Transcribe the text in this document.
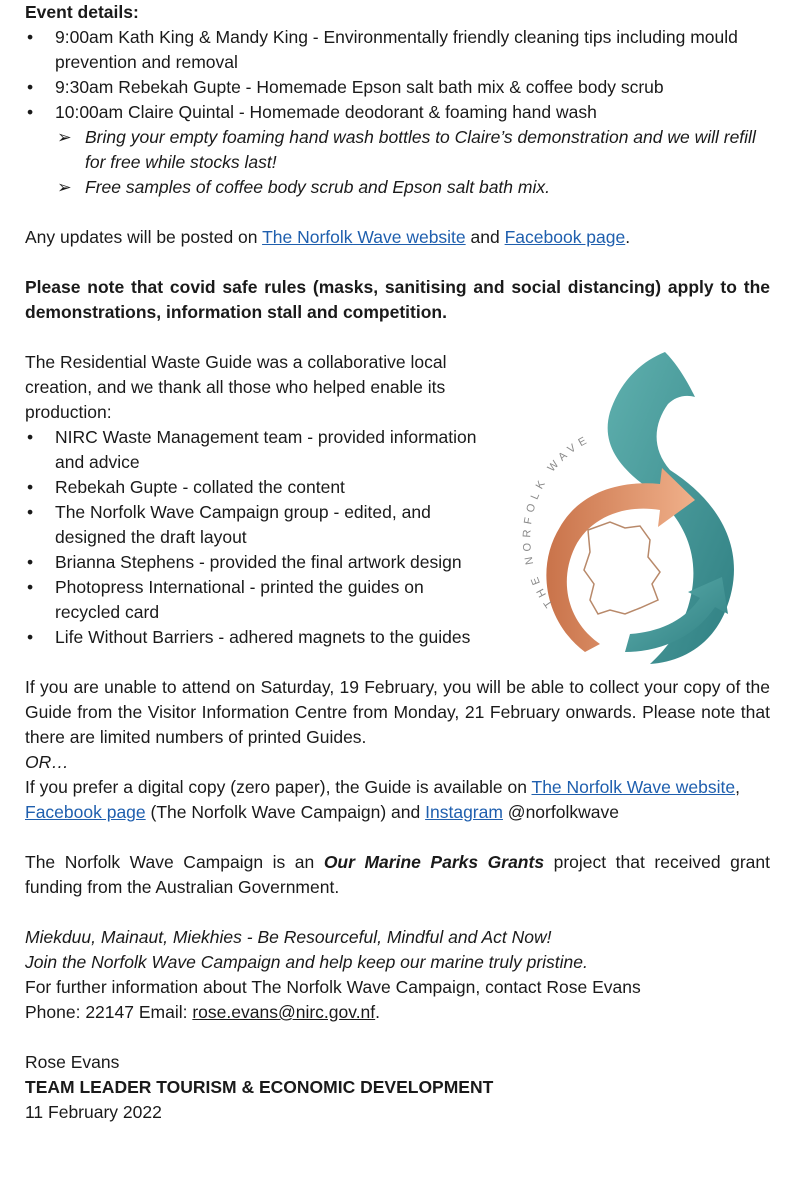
Event details:

• 9:00am Kath King & Mandy King - Environmentally friendly cleaning tips including mould prevention and removal
• 9:30am Rebekah Gupte - Homemade Epson salt bath mix & coffee body scrub
• 10:00am Claire Quintal - Homemade deodorant & foaming hand wash
➢ Bring your empty foaming hand wash bottles to Claire’s demonstration and we will refill for free while stocks last!
➢ Free samples of coffee body scrub and Epson salt bath mix.

Any updates will be posted on The Norfolk Wave website and Facebook page.

Please note that covid safe rules (masks, sanitising and social distancing) apply to the demonstrations, information stall and competition.

The Residential Waste Guide was a collaborative local creation, and we thank all those who helped enable its production:

• NIRC Waste Management team - provided information and advice
• Rebekah Gupte - collated the content
• The Norfolk Wave Campaign group - edited, and designed the draft layout
• Brianna Stephens - provided the final artwork design
• Photopress International - printed the guides on recycled card
• Life Without Barriers - adhered magnets to the guides
THE NORFOLK WAVE

If you are unable to attend on Saturday, 19 February, you will be able to collect your copy of the Guide from the Visitor Information Centre from Monday, 21 February onwards. Please note that there are limited numbers of printed Guides.

OR…

If you prefer a digital copy (zero paper), the Guide is available on The Norfolk Wave website, Facebook page (The Norfolk Wave Campaign) and Instagram @norfolkwave

The Norfolk Wave Campaign is an Our Marine Parks Grants project that received grant funding from the Australian Government.

Miekduu, Mainaut, Miekhies - Be Resourceful, Mindful and Act Now!

Join the Norfolk Wave Campaign and help keep our marine truly pristine.

For further information about The Norfolk Wave Campaign, contact Rose Evans

Phone: 22147 Email: rose.evans@nirc.gov.nf.

Rose Evans

TEAM LEADER TOURISM & ECONOMIC DEVELOPMENT

11 February 2022
